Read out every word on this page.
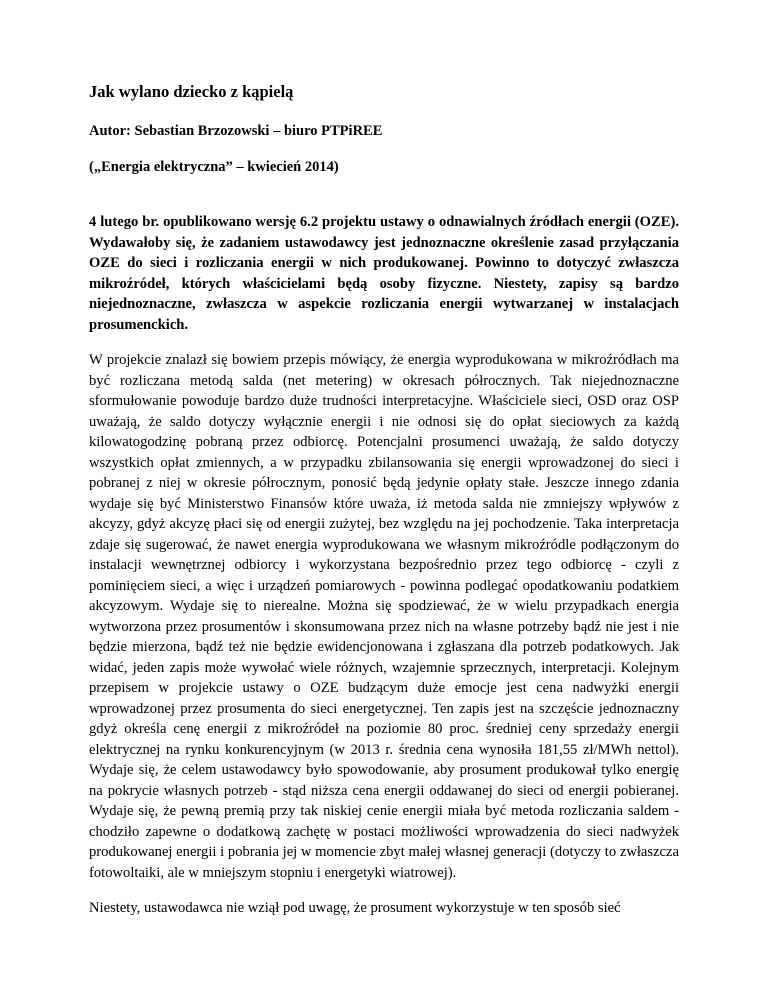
Jak wylano dziecko z kąpielą

Autor: Sebastian Brzozowski – biuro PTPiREE

(„Energia elektryczna” – kwiecień 2014)

4 lutego br. opublikowano wersję 6.2 projektu ustawy o odnawialnych źródłach energii (OZE). Wydawałoby się, że zadaniem ustawodawcy jest jednoznaczne określenie zasad przyłączania OZE do sieci i rozliczania energii w nich produkowanej. Powinno to dotyczyć zwłaszcza mikroźródeł, których właścicielami będą osoby fizyczne. Niestety, zapisy są bardzo niejednoznaczne, zwłaszcza w aspekcie rozliczania energii wytwarzanej w instalacjach prosumenckich.

W projekcie znalazł się bowiem przepis mówiący, że energia wyprodukowana w mikroźródłach ma być rozliczana metodą salda (net metering) w okresach półrocznych. Tak niejednoznaczne sformułowanie powoduje bardzo duże trudności interpretacyjne. Właściciele sieci, OSD oraz OSP uważają, że saldo dotyczy wyłącznie energii i nie odnosi się do opłat sieciowych za każdą kilowatogodzinę pobraną przez odbiorcę. Potencjalni prosumenci uważają, że saldo dotyczy wszystkich opłat zmiennych, a w przypadku zbilansowania się energii wprowadzonej do sieci i pobranej z niej w okresie półrocznym, ponosić będą jedynie opłaty stałe. Jeszcze innego zdania wydaje się być Ministerstwo Finansów które uważa, iż metoda salda nie zmniejszy wpływów z akcyzy, gdyż akcyzę płaci się od energii zużytej, bez względu na jej pochodzenie. Taka interpretacja zdaje się sugerować, że nawet energia wyprodukowana we własnym mikroźródle podłączonym do instalacji wewnętrznej odbiorcy i wykorzystana bezpośrednio przez tego odbiorcę - czyli z pominięciem sieci, a więc i urządzeń pomiarowych - powinna podlegać opodatkowaniu podatkiem akcyzowym. Wydaje się to nierealne. Można się spodziewać, że w wielu przypadkach energia wytworzona przez prosumentów i skonsumowana przez nich na własne potrzeby bądź nie jest i nie będzie mierzona, bądź też nie będzie ewidencjonowana i zgłaszana dla potrzeb podatkowych. Jak widać, jeden zapis może wywołać wiele różnych, wzajemnie sprzecznych, interpretacji. Kolejnym przepisem w projekcie ustawy o OZE budzącym duże emocje jest cena nadwyżki energii wprowadzonej przez prosumenta do sieci energetycznej. Ten zapis jest na szczęście jednoznaczny gdyż określa cenę energii z mikroźródeł na poziomie 80 proc. średniej ceny sprzedaży energii elektrycznej na rynku konkurencyjnym (w 2013 r. średnia cena wynosiła 181,55 zł/MWh nettol). Wydaje się, że celem ustawodawcy było spowodowanie, aby prosument produkował tylko energię na pokrycie własnych potrzeb - stąd niższa cena energii oddawanej do sieci od energii pobieranej. Wydaje się, że pewną premią przy tak niskiej cenie energii miała być metoda rozliczania saldem - chodziło zapewne o dodatkową zachętę w postaci możliwości wprowadzenia do sieci nadwyżek produkowanej energii i pobrania jej w momencie zbyt małej własnej generacji (dotyczy to zwłaszcza fotowoltaiki, ale w mniejszym stopniu i energetyki wiatrowej).

Niestety, ustawodawca nie wziął pod uwagę, że prosument wykorzystuje w ten sposób sieć
